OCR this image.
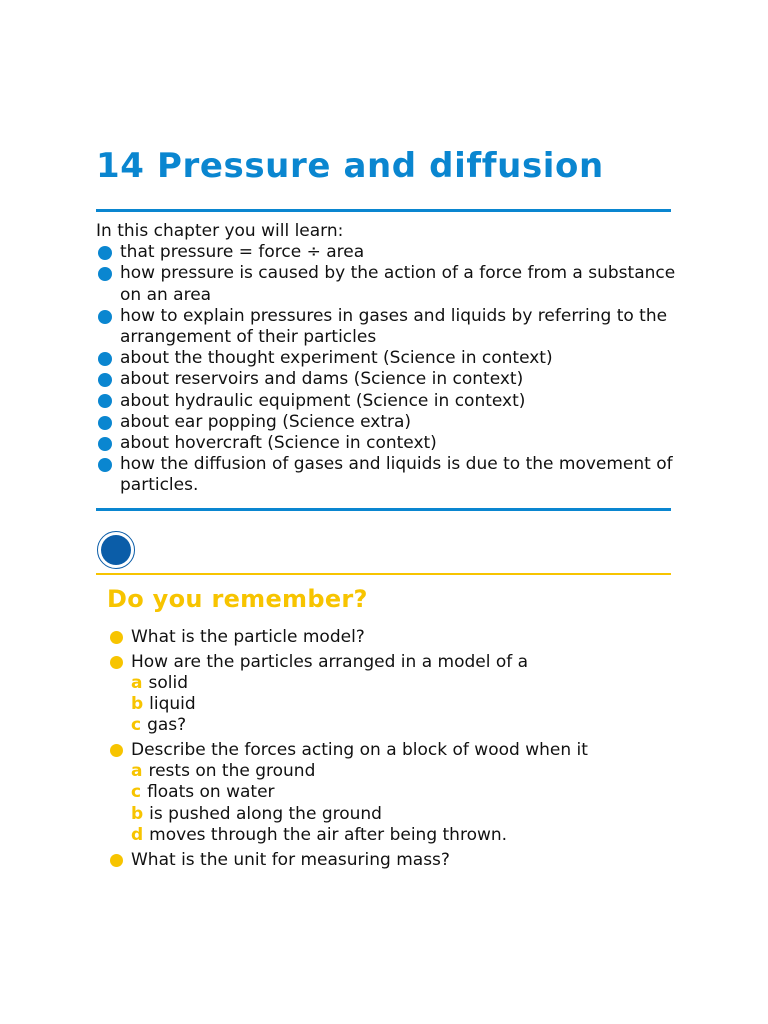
14 Pressure and diffusion
In this chapter you will learn:
that pressure = force ÷ area
how pressure is caused by the action of a force from a substance on an area
how to explain pressures in gases and liquids by referring to the arrangement of their particles
about the thought experiment (Science in context)
about reservoirs and dams (Science in context)
about hydraulic equipment (Science in context)
about ear popping (Science extra)
about hovercraft (Science in context)
how the diffusion of gases and liquids is due to the movement of particles.
Do you remember?
What is the particle model?
How are the particles arranged in a model of a
a solid
b liquid
c gas?
Describe the forces acting on a block of wood when it
a rests on the ground
c floats on water
b is pushed along the ground
d moves through the air after being thrown.
What is the unit for measuring mass?
